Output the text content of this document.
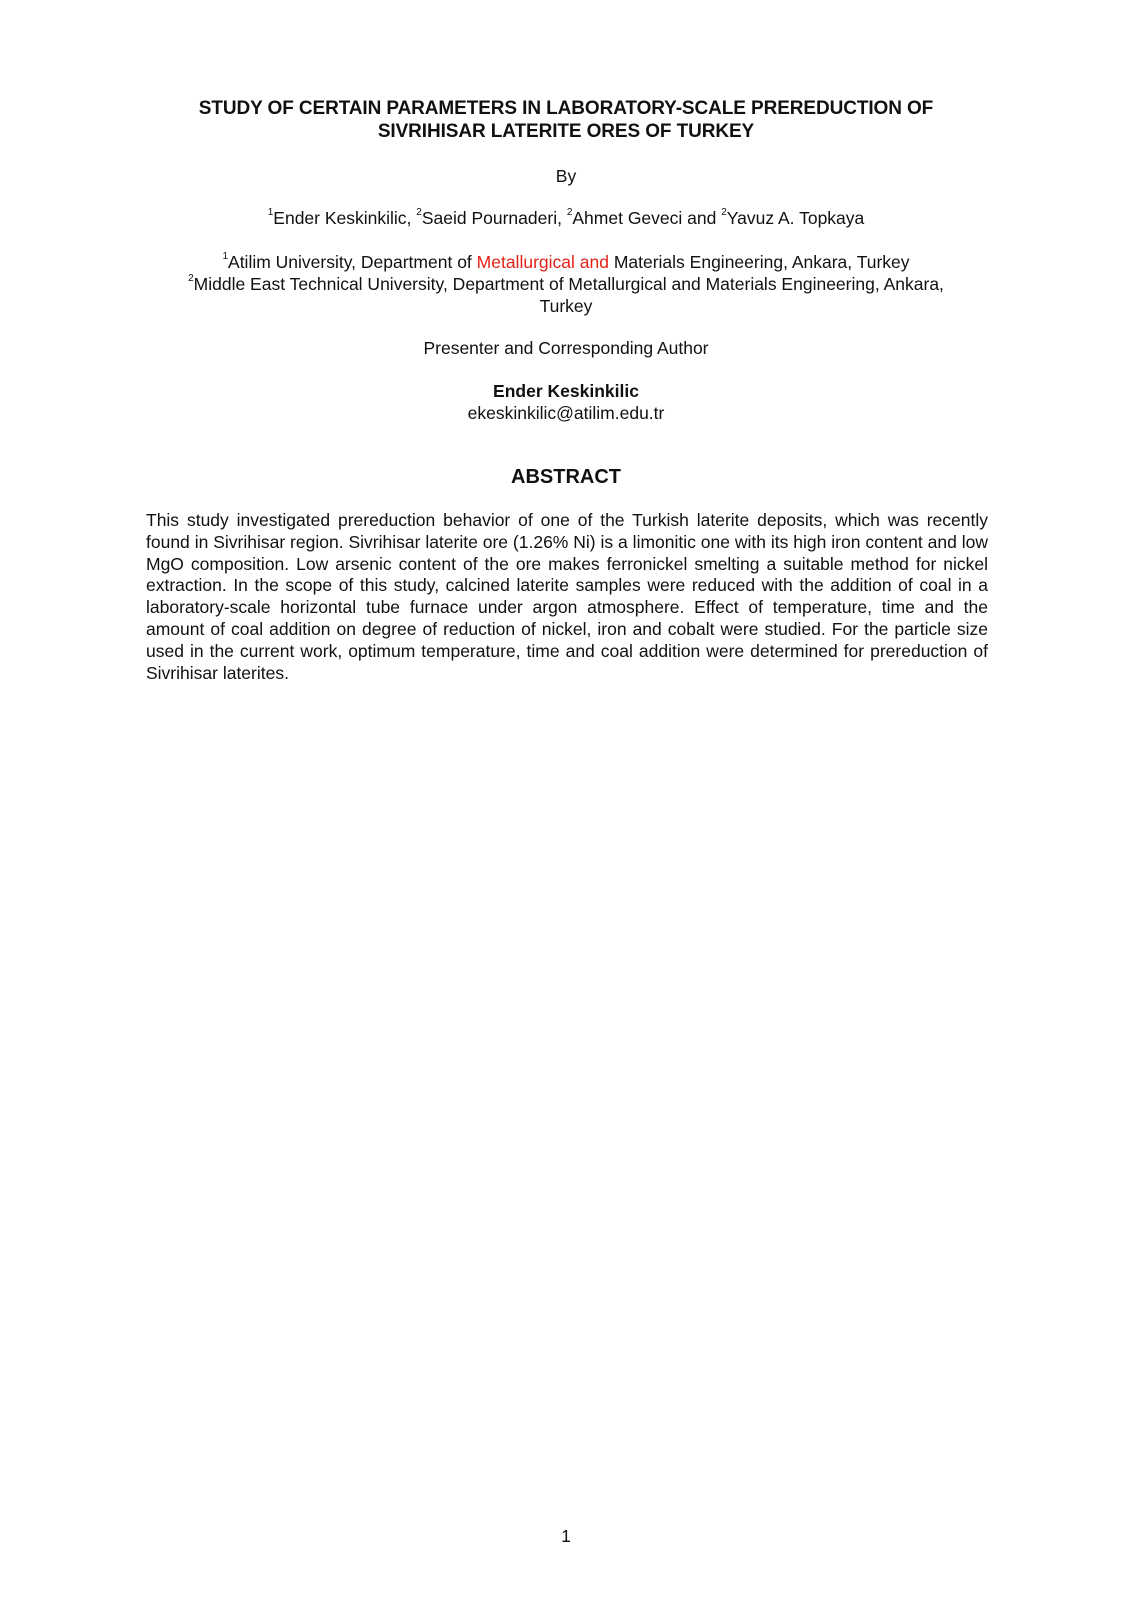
STUDY OF CERTAIN PARAMETERS IN LABORATORY-SCALE PREREDUCTION OF
SIVRIHISAR LATERITE ORES OF TURKEY
By
$^1$Ender Keskinkilic, $^2$Saeid Pournaderi, $^2$Ahmet Geveci and $^2$Yavuz A. Topkaya
$^1$Atilim University, Department of Metallurgical and Materials Engineering, Ankara, Turkey
$^2$Middle East Technical University, Department of Metallurgical and Materials Engineering, Ankara,
Turkey
Presenter and Corresponding Author
Ender Keskinkilic
ekeskinkilic@atilim.edu.tr
ABSTRACT
This study investigated prereduction behavior of one of the Turkish laterite deposits, which was recently found in Sivrihisar region. Sivrihisar laterite ore (1.26% Ni) is a limonitic one with its high iron content and low MgO composition. Low arsenic content of the ore makes ferronickel smelting a suitable method for nickel extraction. In the scope of this study, calcined laterite samples were reduced with the addition of coal in a laboratory-scale horizontal tube furnace under argon atmosphere. Effect of temperature, time and the amount of coal addition on degree of reduction of nickel, iron and cobalt were studied. For the particle size used in the current work, optimum temperature, time and coal addition were determined for prereduction of Sivrihisar laterites.
1
